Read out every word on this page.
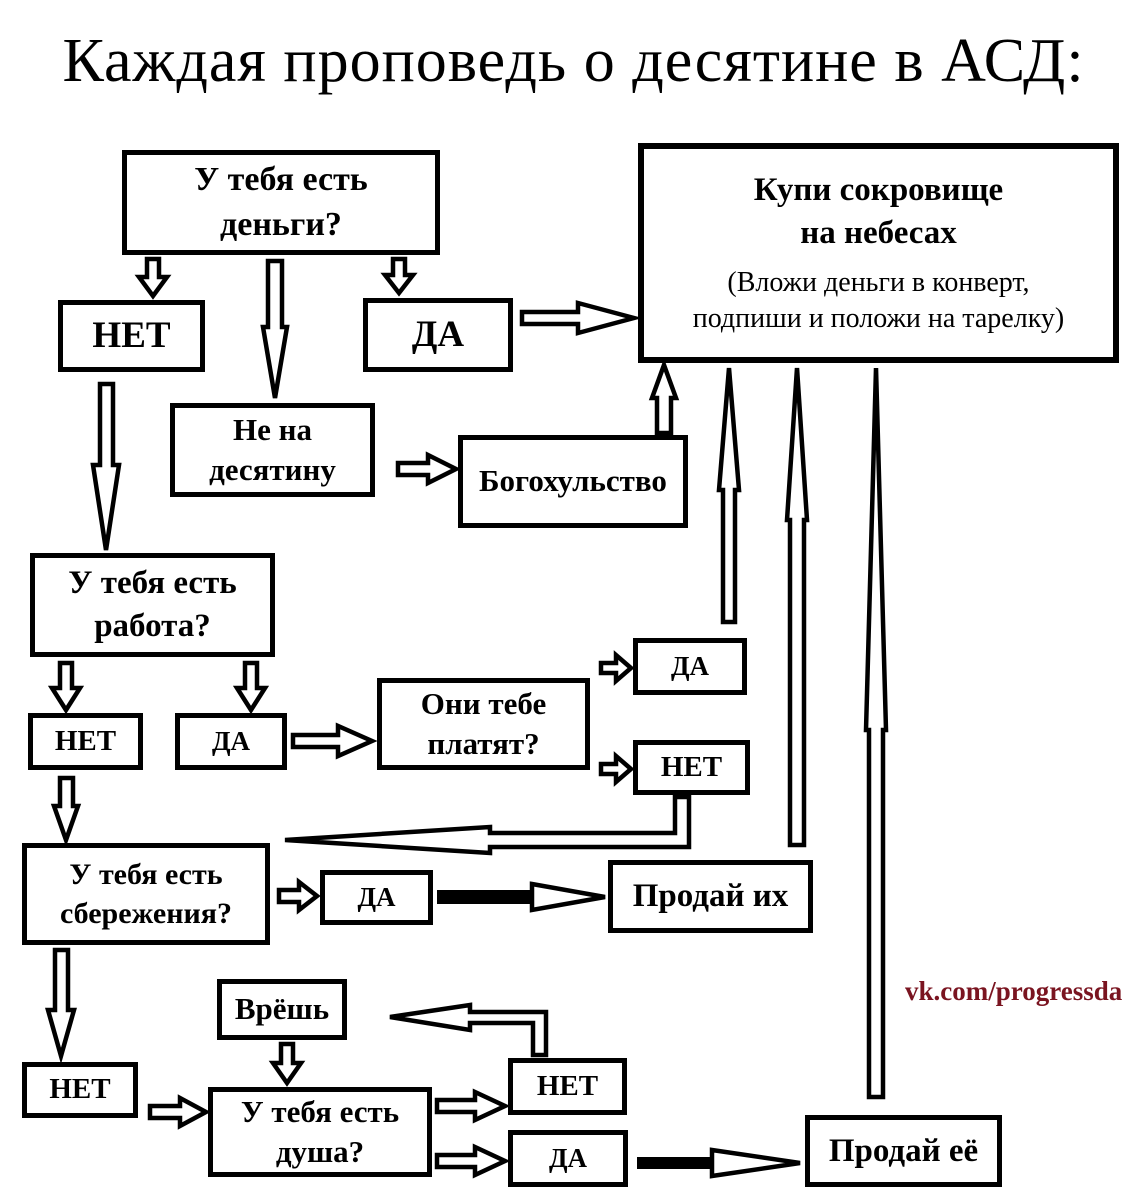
Каждая проповедь о десятине в АСД:
У тебя есть
деньги?
Купи сокровище
на небесах
(Вложи деньги в конверт,
подпиши и положи на тарелку)
НЕТ	ДА
Не на
десятину	Богохульство
У тебя есть
работа?
ДА
НЕТ	ДА
Они тебе
платят?
НЕТ
У тебя есть
сбережения?
ДА	Продай их
Врёшь
vk.com/progressda
НЕТ	НЕТ
У тебя есть
душа?	ДА	Продай её
